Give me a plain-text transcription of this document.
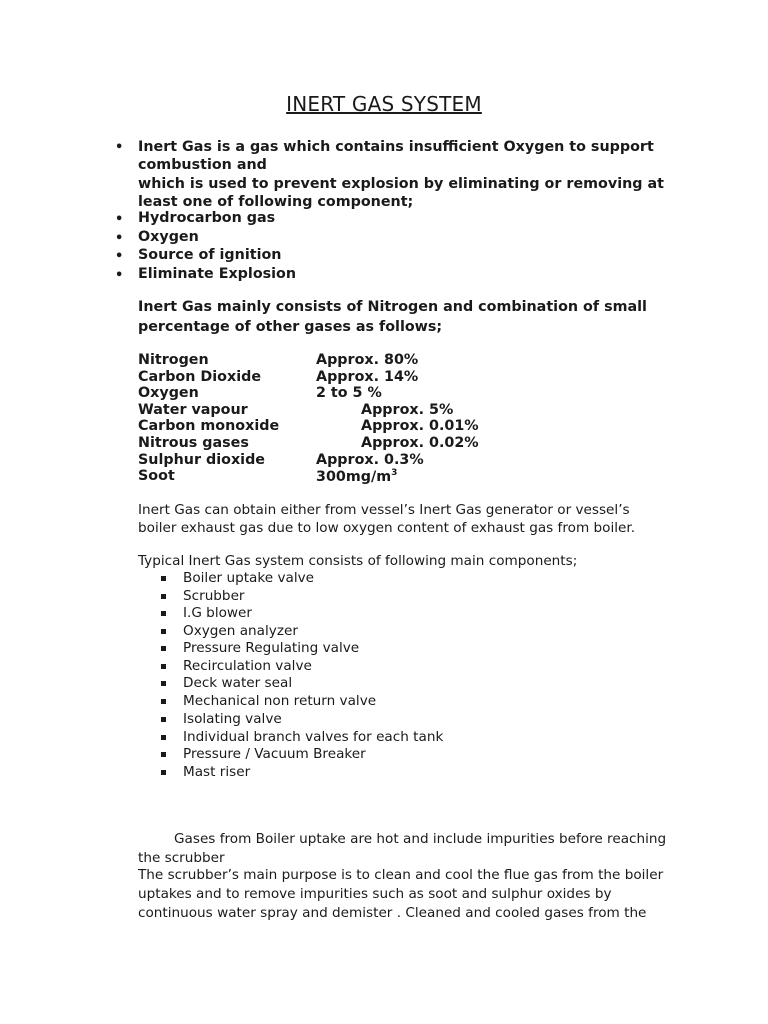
INERT GAS SYSTEM
• Inert Gas is a gas which contains insufficient Oxygen to support
combustion and
which is used to prevent explosion by eliminating or removing at
least one of following component;
• Hydrocarbon gas
• Oxygen
• Source of ignition
• Eliminate Explosion
Inert Gas mainly consists of Nitrogen and combination of small
percentage of other gases as follows;
Nitrogen	Approx. 80%
Carbon Dioxide	Approx. 14%
Oxygen	2 to 5 %
Water vapour	Approx. 5%
Carbon monoxide	Approx. 0.01%
Nitrous gases	Approx. 0.02%
Sulphur dioxide	Approx. 0.3%
Soot	$300mg/m^3$
Inert Gas can obtain either from vessel’s Inert Gas generator or vessel’s
boiler exhaust gas due to low oxygen content of exhaust gas from boiler.
Typical Inert Gas system consists of following main components;
Boiler uptake valve
Scrubber
I.G blower
Oxygen analyzer
Pressure Regulating valve
Recirculation valve
Deck water seal
Mechanical non return valve
Isolating valve
Individual branch valves for each tank
Pressure / Vacuum Breaker
Mast riser
Gases from Boiler uptake are hot and include impurities before reaching
the scrubber
The scrubber’s main purpose is to clean and cool the flue gas from the boiler
uptakes and to remove impurities such as soot and sulphur oxides by
continuous water spray and demister . Cleaned and cooled gases from the
